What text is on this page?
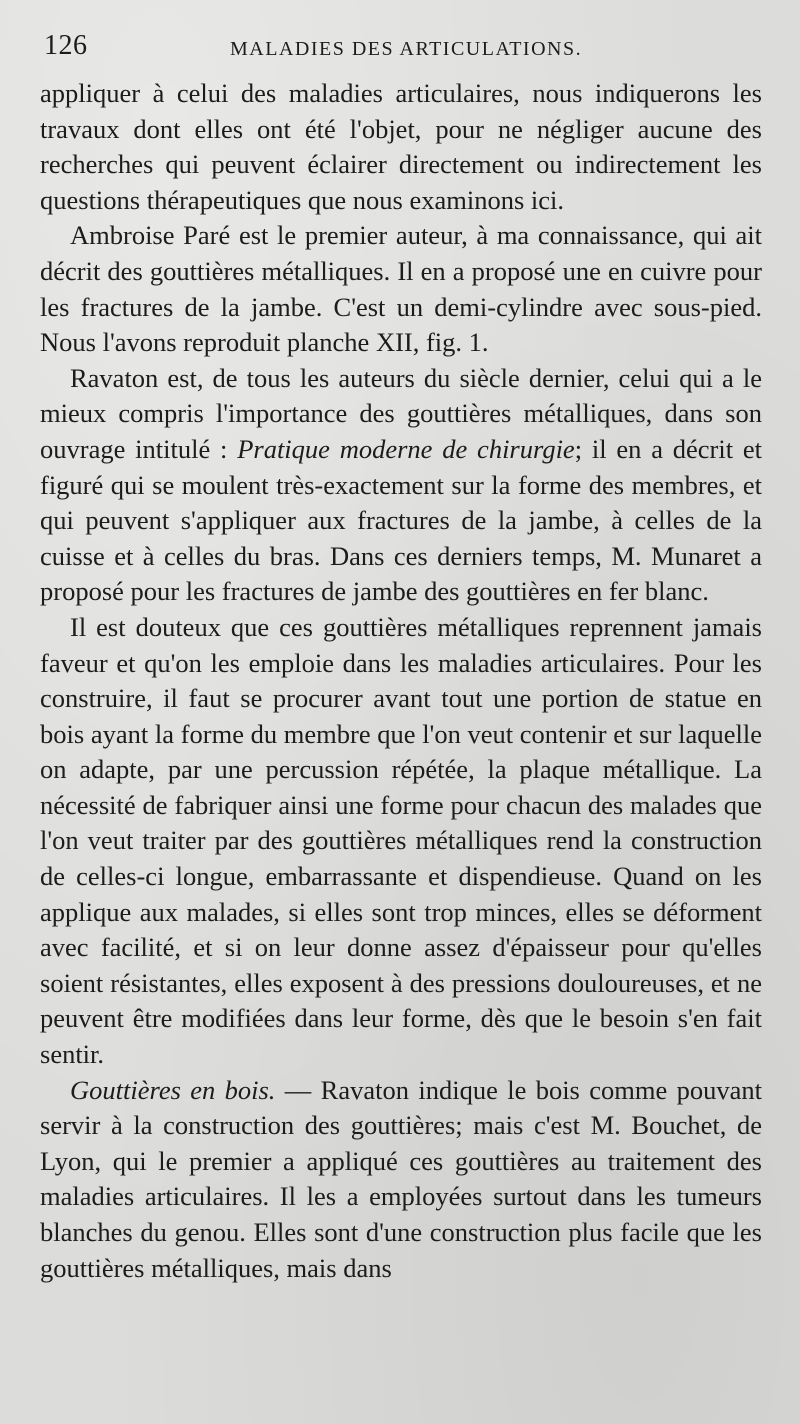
126	MALADIES DES ARTICULATIONS.

appliquer à celui des maladies articulaires, nous indiquerons les travaux dont elles ont été l'objet, pour ne négliger aucune des recherches qui peuvent éclairer directement ou indirectement les questions thérapeutiques que nous examinons ici.

Ambroise Paré est le premier auteur, à ma connaissance, qui ait décrit des gouttières métalliques. Il en a proposé une en cuivre pour les fractures de la jambe. C'est un demi-cylindre avec sous-pied. Nous l'avons reproduit planche XII, fig. 1.

Ravaton est, de tous les auteurs du siècle dernier, celui qui a le mieux compris l'importance des gouttières métalliques, dans son ouvrage intitulé : Pratique moderne de chirurgie; il en a décrit et figuré qui se moulent très-exactement sur la forme des membres, et qui peuvent s'appliquer aux fractures de la jambe, à celles de la cuisse et à celles du bras. Dans ces derniers temps, M. Munaret a proposé pour les fractures de jambe des gouttières en fer blanc.

Il est douteux que ces gouttières métalliques reprennent jamais faveur et qu'on les emploie dans les maladies articulaires. Pour les construire, il faut se procurer avant tout une portion de statue en bois ayant la forme du membre que l'on veut contenir et sur laquelle on adapte, par une percussion répétée, la plaque métallique. La nécessité de fabriquer ainsi une forme pour chacun des malades que l'on veut traiter par des gouttières métalliques rend la construction de celles-ci longue, embarrassante et dispendieuse. Quand on les applique aux malades, si elles sont trop minces, elles se déforment avec facilité, et si on leur donne assez d'épaisseur pour qu'elles soient résistantes, elles exposent à des pressions douloureuses, et ne peuvent être modifiées dans leur forme, dès que le besoin s'en fait sentir.

Gouttières en bois. — Ravaton indique le bois comme pouvant servir à la construction des gouttières; mais c'est M. Bouchet, de Lyon, qui le premier a appliqué ces gouttières au traitement des maladies articulaires. Il les a employées surtout dans les tumeurs blanches du genou. Elles sont d'une construction plus facile que les gouttières métalliques, mais dans
